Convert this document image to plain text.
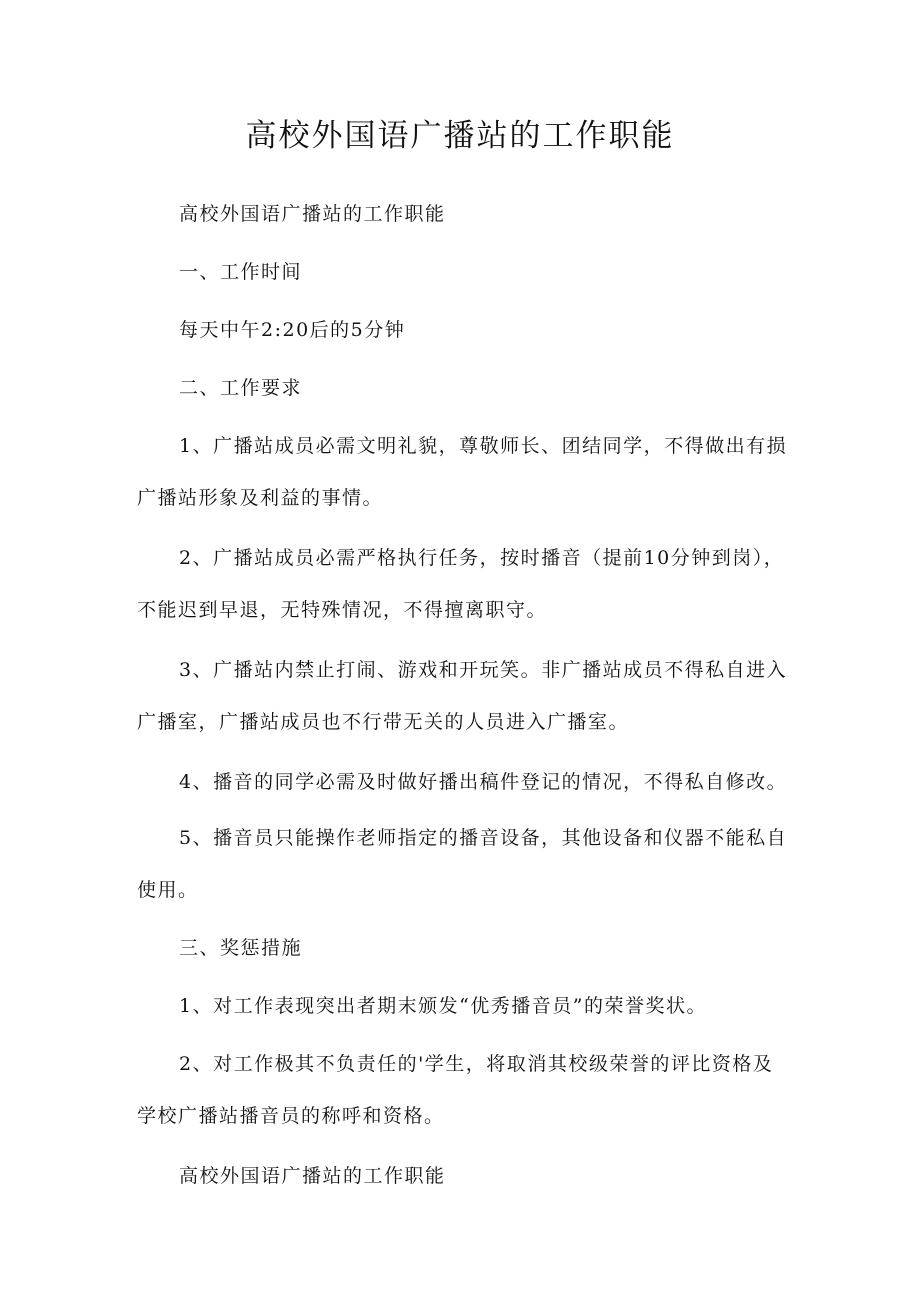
高校外国语广播站的工作职能

高校外国语广播站的工作职能

一、工作时间

每天中午2:20后的5分钟

二、工作要求

1、广播站成员必需文明礼貌，尊敬师长、团结同学，不得做出有损广播站形象及利益的事情。

2、广播站成员必需严格执行任务，按时播音（提前10分钟到岗），不能迟到早退，无特殊情况，不得擅离职守。

3、广播站内禁止打闹、游戏和开玩笑。非广播站成员不得私自进入广播室，广播站成员也不行带无关的人员进入广播室。

4、播音的同学必需及时做好播出稿件登记的情况，不得私自修改。

5、播音员只能操作老师指定的播音设备，其他设备和仪器不能私自使用。

三、奖惩措施

1、对工作表现突出者期末颁发“优秀播音员”的荣誉奖状。

2、对工作极其不负责任的'学生，将取消其校级荣誉的评比资格及学校广播站播音员的称呼和资格。

高校外国语广播站的工作职能
